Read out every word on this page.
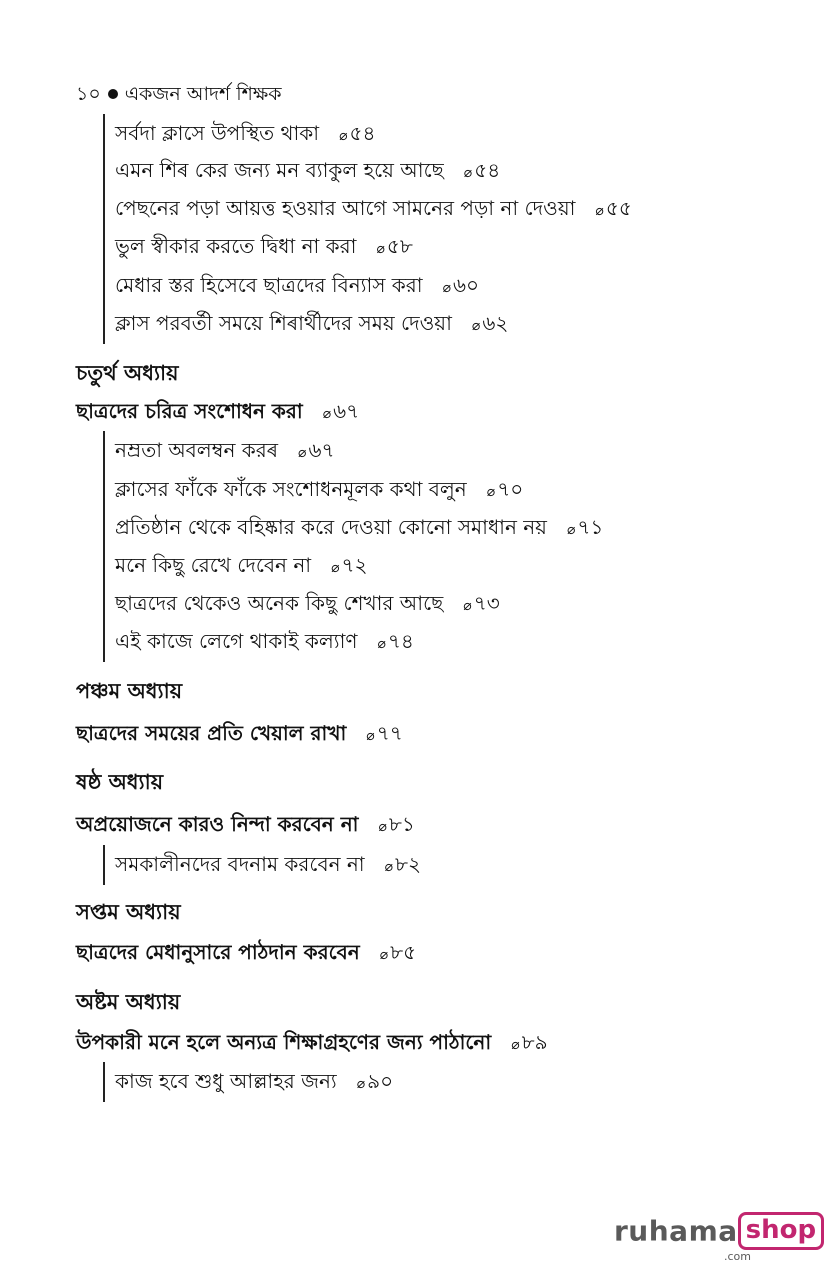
১০ একজন আদর্শ শিক্ষক
সর্বদা ক্লাসে উপস্থিত থাকা ⌀ ৫৪
এমন শিৰ কের জন্য মন ব্যাকুল হয়ে আছে ⌀ ৫৪
পেছনের পড়া আয়ত্ত হওয়ার আগে সামনের পড়া না দেওয়া ⌀ ৫৫
ভুল স্বীকার করতে দ্বিধা না করা ⌀ ৫৮
মেধার স্তর হিসেবে ছাত্রদের বিন্যাস করা ⌀ ৬০
ক্লাস পরবর্তী সময়ে শিৰার্থীদের সময় দেওয়া ⌀ ৬২
চতুর্থ অধ্যায়
ছাত্রদের চরিত্র সংশোধন করা ⌀ ৬৭
নম্রতা অবলম্বন করৰ ⌀ ৬৭
ক্লাসের ফাঁকে ফাঁকে সংশোধনমূলক কথা বলুন ⌀ ৭০
প্রতিষ্ঠান থেকে বহিষ্কার করে দেওয়া কোনো সমাধান নয় ⌀ ৭১
মনে কিছু রেখে দেবেন না ⌀ ৭২
ছাত্রদের থেকেও অনেক কিছু শেখার আছে ⌀ ৭৩
এই কাজে লেগে থাকাই কল্যাণ ⌀ ৭৪
পঞ্চম অধ্যায়
ছাত্রদের সময়ের প্রতি খেয়াল রাখা ⌀ ৭৭
ষষ্ঠ অধ্যায়
অপ্রয়োজনে কারও নিন্দা করবেন না ⌀ ৮১
সমকালীনদের বদনাম করবেন না ⌀ ৮২
সপ্তম অধ্যায়
ছাত্রদের মেধানুসারে পাঠদান করবেন ⌀ ৮৫
অষ্টম অধ্যায়
উপকারী মনে হলে অন্যত্র শিক্ষাগ্রহণের জন্য পাঠানো ⌀ ৮৯
কাজ হবে শুধু আল্লাহর জন্য ⌀ ৯০
ruhama shop
.com
